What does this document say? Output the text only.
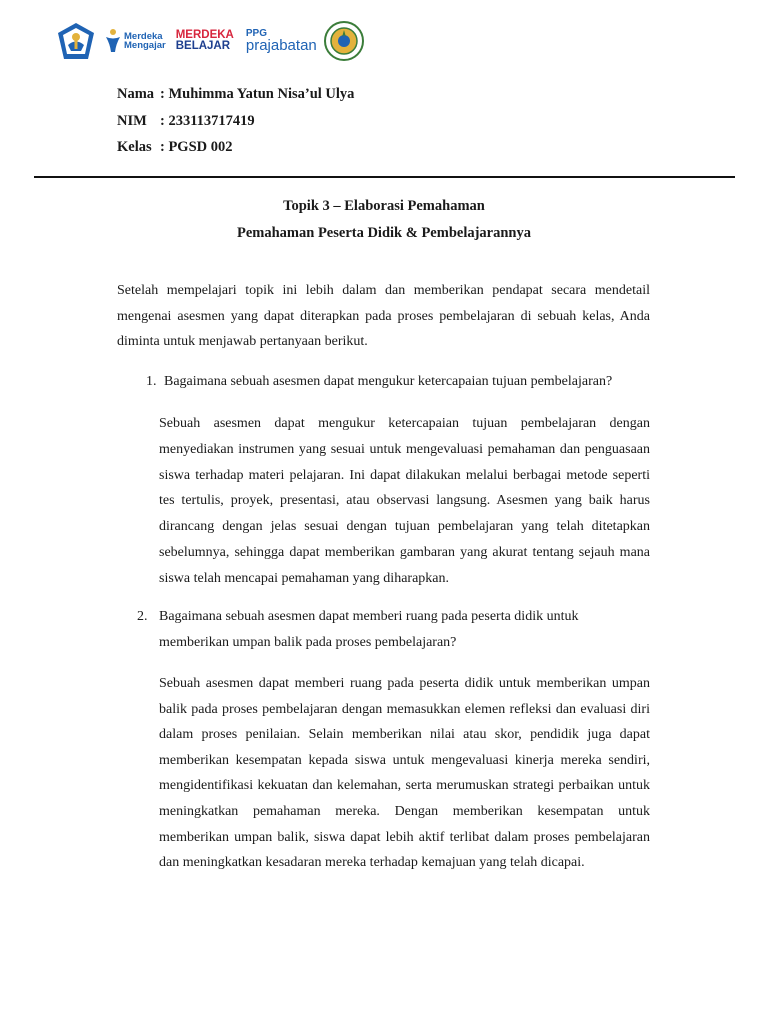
Merdeka
Mengajar
MERDEKA
BELAJAR
PPG
prajabatan
Nama : Muhimma Yatun Nisa’ul Ulya
NIM : 233113717419
Kelas : PGSD 002
Topik 3 – Elaborasi Pemahaman
Pemahaman Peserta Didik & Pembelajarannya
Setelah mempelajari topik ini lebih dalam dan memberikan pendapat secara mendetail mengenai asesmen yang dapat diterapkan pada proses pembelajaran di sebuah kelas, Anda diminta untuk menjawab pertanyaan berikut.
1. Bagaimana sebuah asesmen dapat mengukur ketercapaian tujuan pembelajaran?
Sebuah asesmen dapat mengukur ketercapaian tujuan pembelajaran dengan menyediakan instrumen yang sesuai untuk mengevaluasi pemahaman dan penguasaan siswa terhadap materi pelajaran. Ini dapat dilakukan melalui berbagai metode seperti tes tertulis, proyek, presentasi, atau observasi langsung. Asesmen yang baik harus dirancang dengan jelas sesuai dengan tujuan pembelajaran yang telah ditetapkan sebelumnya, sehingga dapat memberikan gambaran yang akurat tentang sejauh mana siswa telah mencapai pemahaman yang diharapkan.
2. Bagaimana sebuah asesmen dapat memberi ruang pada peserta didik untuk memberikan umpan balik pada proses pembelajaran?
Sebuah asesmen dapat memberi ruang pada peserta didik untuk memberikan umpan balik pada proses pembelajaran dengan memasukkan elemen refleksi dan evaluasi diri dalam proses penilaian. Selain memberikan nilai atau skor, pendidik juga dapat memberikan kesempatan kepada siswa untuk mengevaluasi kinerja mereka sendiri, mengidentifikasi kekuatan dan kelemahan, serta merumuskan strategi perbaikan untuk meningkatkan pemahaman mereka. Dengan memberikan kesempatan untuk memberikan umpan balik, siswa dapat lebih aktif terlibat dalam proses pembelajaran dan meningkatkan kesadaran mereka terhadap kemajuan yang telah dicapai.
